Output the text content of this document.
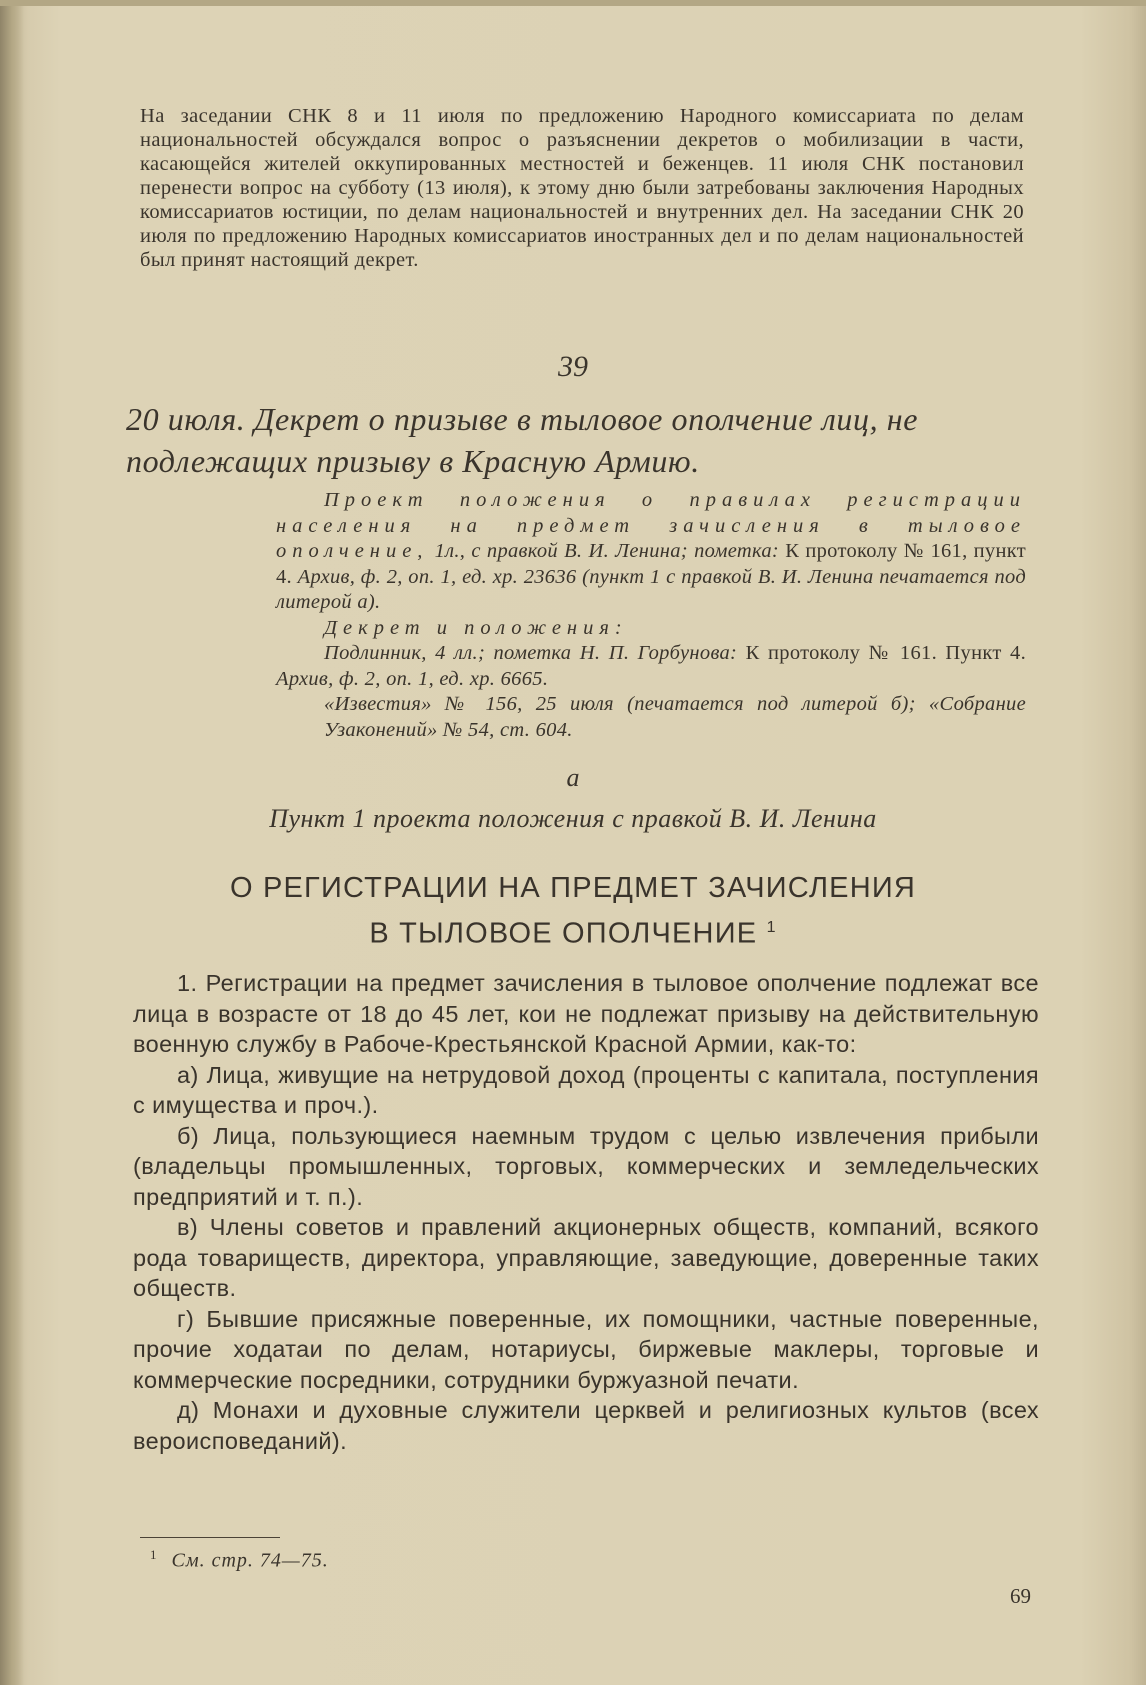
На заседании СНК 8 и 11 июля по предложению Народного комиссариата по делам национальностей обсуждался вопрос о разъяснении декретов о мобилизации в части, касающейся жителей оккупированных местностей и беженцев. 11 июля СНК постановил перенести вопрос на субботу (13 июля), к этому дню были затребованы заключения Народных комиссариатов юстиции, по делам национальностей и внутренних дел. На заседании СНК 20 июля по предложению Народных комиссариатов иностранных дел и по делам национальностей был принят настоящий декрет.
39
20 июля. Декрет о призыве в тыловое ополчение лиц, не подлежащих призыву в Красную Армию.
Проект положения о правилах регистрации населения на предмет зачисления в тыловое ополчение, 1л., с правкой В. И. Ленина; пометка: К протоколу № 161, пункт 4. Архив, ф. 2, оп. 1, ед. хр. 23636 (пункт 1 с правкой В. И. Ленина печатается под литерой а).
Декрет и положения:
Подлинник, 4 лл.; пометка Н. П. Горбунова: К протоколу № 161. Пункт 4. Архив, ф. 2, оп. 1, ед. хр. 6665.
«Известия» № 156, 25 июля (печатается под литерой б); «Собрание Узаконений» № 54, ст. 604.
а
Пункт 1 проекта положения с правкой В. И. Ленина
О РЕГИСТРАЦИИ НА ПРЕДМЕТ ЗАЧИСЛЕНИЯ
В ТЫЛОВОЕ ОПОЛЧЕНИЕ $^1$

1. Регистрации на предмет зачисления в тыловое ополчение подлежат все лица в возрасте от 18 до 45 лет, кои не подлежат призыву на действительную военную службу в Рабоче-Крестьянской Красной Армии, как-то:

а) Лица, живущие на нетрудовой доход (проценты с капитала, поступления с имущества и проч.).

б) Лица, пользующиеся наемным трудом с целью извлечения прибыли (владельцы промышленных, торговых, коммерческих и земледельческих предприятий и т. п.).

в) Члены советов и правлений акционерных обществ, компаний, всякого рода товариществ, директора, управляющие, заведующие, доверенные таких обществ.

г) Бывшие присяжные поверенные, их помощники, частные поверенные, прочие ходатаи по делам, нотариусы, биржевые маклеры, торговые и коммерческие посредники, сотрудники буржуазной печати.

д) Монахи и духовные служители церквей и религиозных культов (всех вероисповеданий).

$^1$ См. стр. 74—75.
69
